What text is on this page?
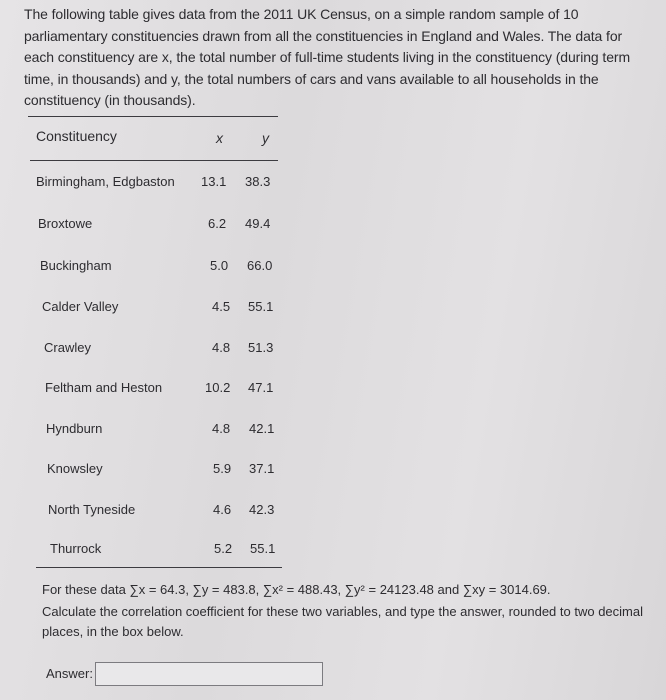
The following table gives data from the 2011 UK Census, on a simple random sample of 10 parliamentary constituencies drawn from all the constituencies in England and Wales. The data for each constituency are x, the total number of full-time students living in the constituency (during term time, in thousands) and y, the total numbers of cars and vans available to all households in the constituency (in thousands).
Constituency	x	y
Birmingham, Edgbaston 13.1 38.3
Broxtowe	6.2 49.4
Buckingham	5.0 66.0
Calder Valley	4.5 55.1
Crawley	4.8 51.3
Feltham and Heston	10.2 47.1
Hyndburn	4.8 42.1
Knowsley	5.9 37.1
North Tyneside	4.6 42.3
Thurrock	5.2 55.1
For these data ∑x = 64.3, ∑y = 483.8, ∑x² = 488.43, ∑y² = 24123.48 and ∑xy = 3014.69.
Calculate the correlation coefficient for these two variables, and type the answer, rounded to two decimal places, in the box below.
Answer:
